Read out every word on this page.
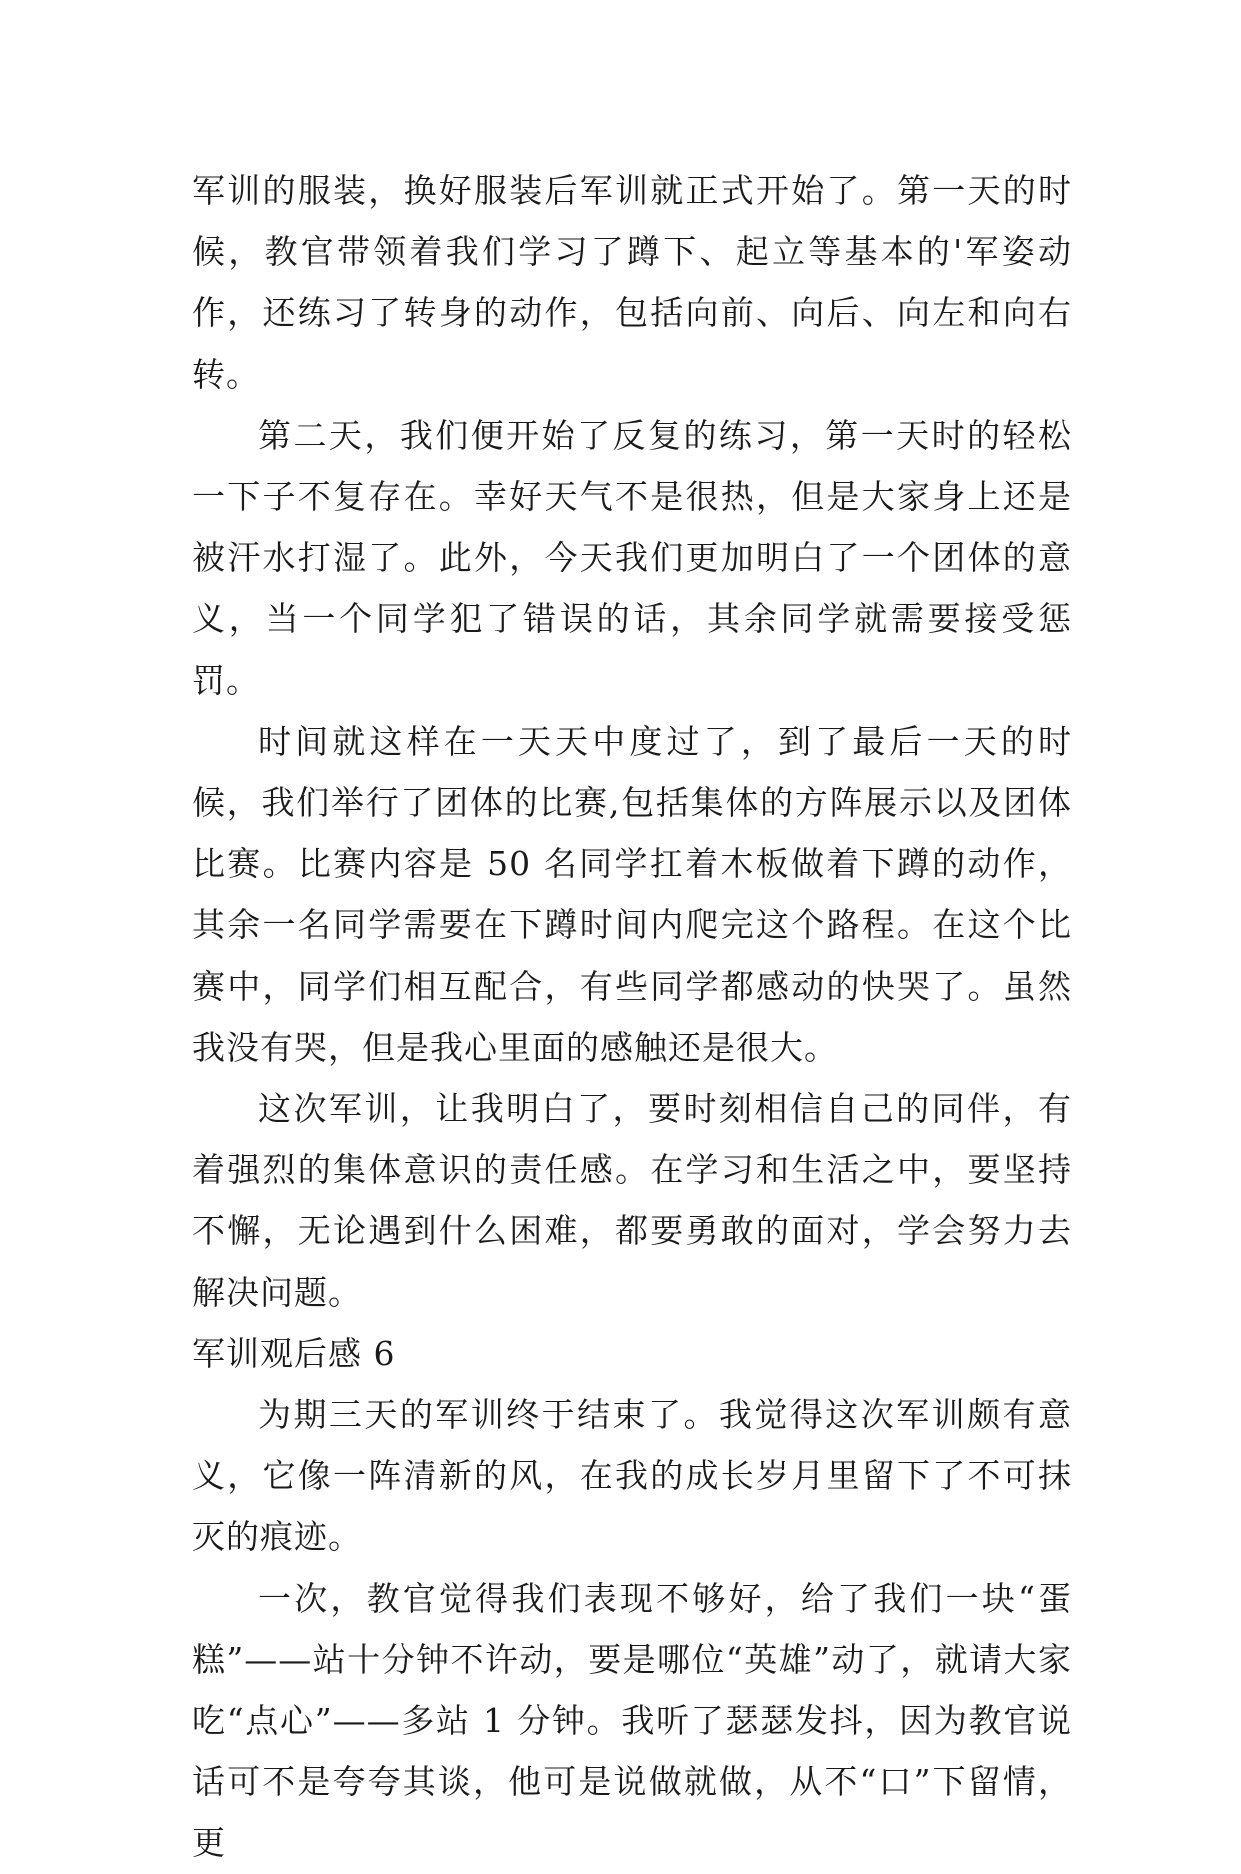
军训的服装，换好服装后军训就正式开始了。第一天的时候，教官带领着我们学习了蹲下、起立等基本的'军姿动作，还练习了转身的动作，包括向前、向后、向左和向右转。

第二天，我们便开始了反复的练习，第一天时的轻松一下子不复存在。幸好天气不是很热，但是大家身上还是被汗水打湿了。此外，今天我们更加明白了一个团体的意义，当一个同学犯了错误的话，其余同学就需要接受惩罚。

时间就这样在一天天中度过了，到了最后一天的时候，我们举行了团体的比赛,包括集体的方阵展示以及团体比赛。比赛内容是 50 名同学扛着木板做着下蹲的动作，其余一名同学需要在下蹲时间内爬完这个路程。在这个比赛中，同学们相互配合，有些同学都感动的快哭了。虽然我没有哭，但是我心里面的感触还是很大。

这次军训，让我明白了，要时刻相信自己的同伴，有着强烈的集体意识的责任感。在学习和生活之中，要坚持不懈，无论遇到什么困难，都要勇敢的面对，学会努力去解决问题。

军训观后感 6

为期三天的军训终于结束了。我觉得这次军训颇有意义，它像一阵清新的风，在我的成长岁月里留下了不可抹灭的痕迹。

一次，教官觉得我们表现不够好，给了我们一块“蛋糕”——站十分钟不许动，要是哪位“英雄”动了，就请大家吃“点心”——多站 1 分钟。我听了瑟瑟发抖，因为教官说话可不是夸夸其谈，他可是说做就做，从不“口”下留情，更
